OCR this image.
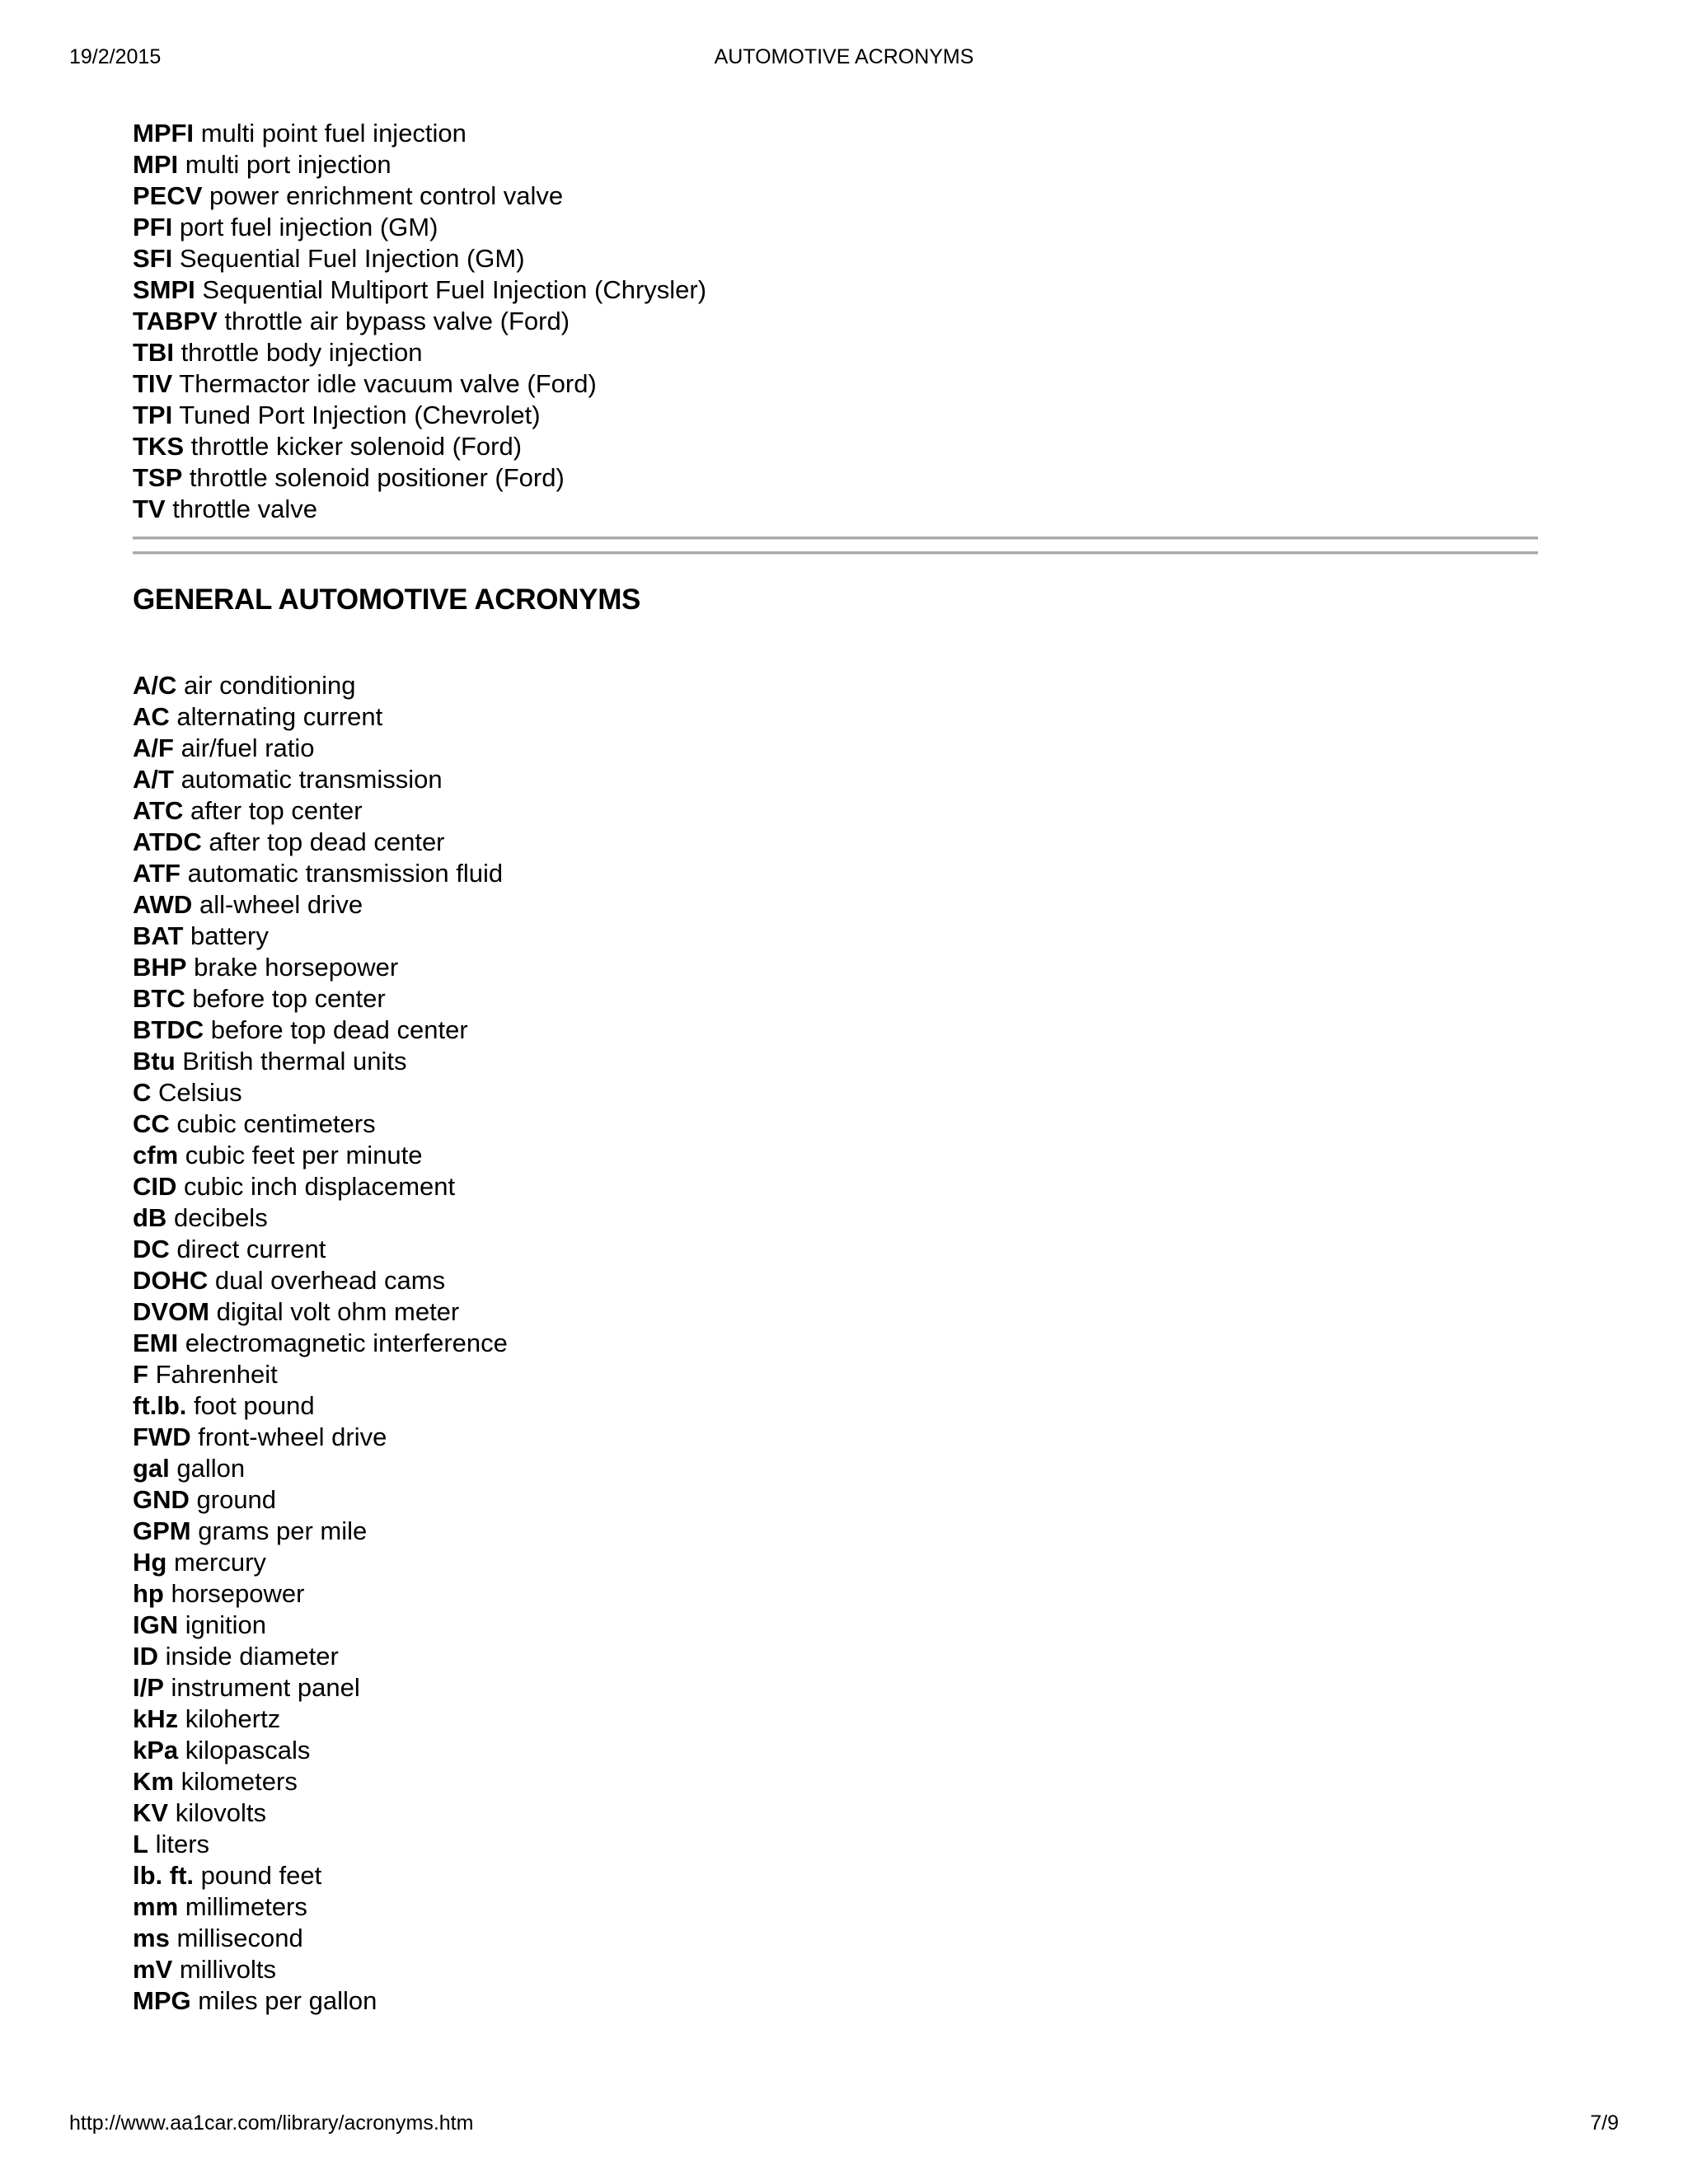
19/2/2015	AUTOMOTIVE ACRONYMS
MPFI multi point fuel injection
MPI multi port injection
PECV power enrichment control valve
PFI port fuel injection (GM)
SFI Sequential Fuel Injection (GM)
SMPI Sequential Multiport Fuel Injection (Chrysler)
TABPV throttle air bypass valve (Ford)
TBI throttle body injection
TIV Thermactor idle vacuum valve (Ford)
TPI Tuned Port Injection (Chevrolet)
TKS throttle kicker solenoid (Ford)
TSP throttle solenoid positioner (Ford)
TV throttle valve
GENERAL AUTOMOTIVE ACRONYMS
A/C air conditioning
AC alternating current
A/F air/fuel ratio
A/T automatic transmission
ATC after top center
ATDC after top dead center
ATF automatic transmission fluid
AWD all-wheel drive
BAT battery
BHP brake horsepower
BTC before top center
BTDC before top dead center
Btu British thermal units
C Celsius
CC cubic centimeters
cfm cubic feet per minute
CID cubic inch displacement
dB decibels
DC direct current
DOHC dual overhead cams
DVOM digital volt ohm meter
EMI electromagnetic interference
F Fahrenheit
ft.lb. foot pound
FWD front-wheel drive
gal gallon
GND ground
GPM grams per mile
Hg mercury
hp horsepower
IGN ignition
ID inside diameter
I/P instrument panel
kHz kilohertz
kPa kilopascals
Km kilometers
KV kilovolts
L liters
lb. ft. pound feet
mm millimeters
ms millisecond
mV millivolts
MPG miles per gallon
http://www.aa1car.com/library/acronyms.htm	7/9
